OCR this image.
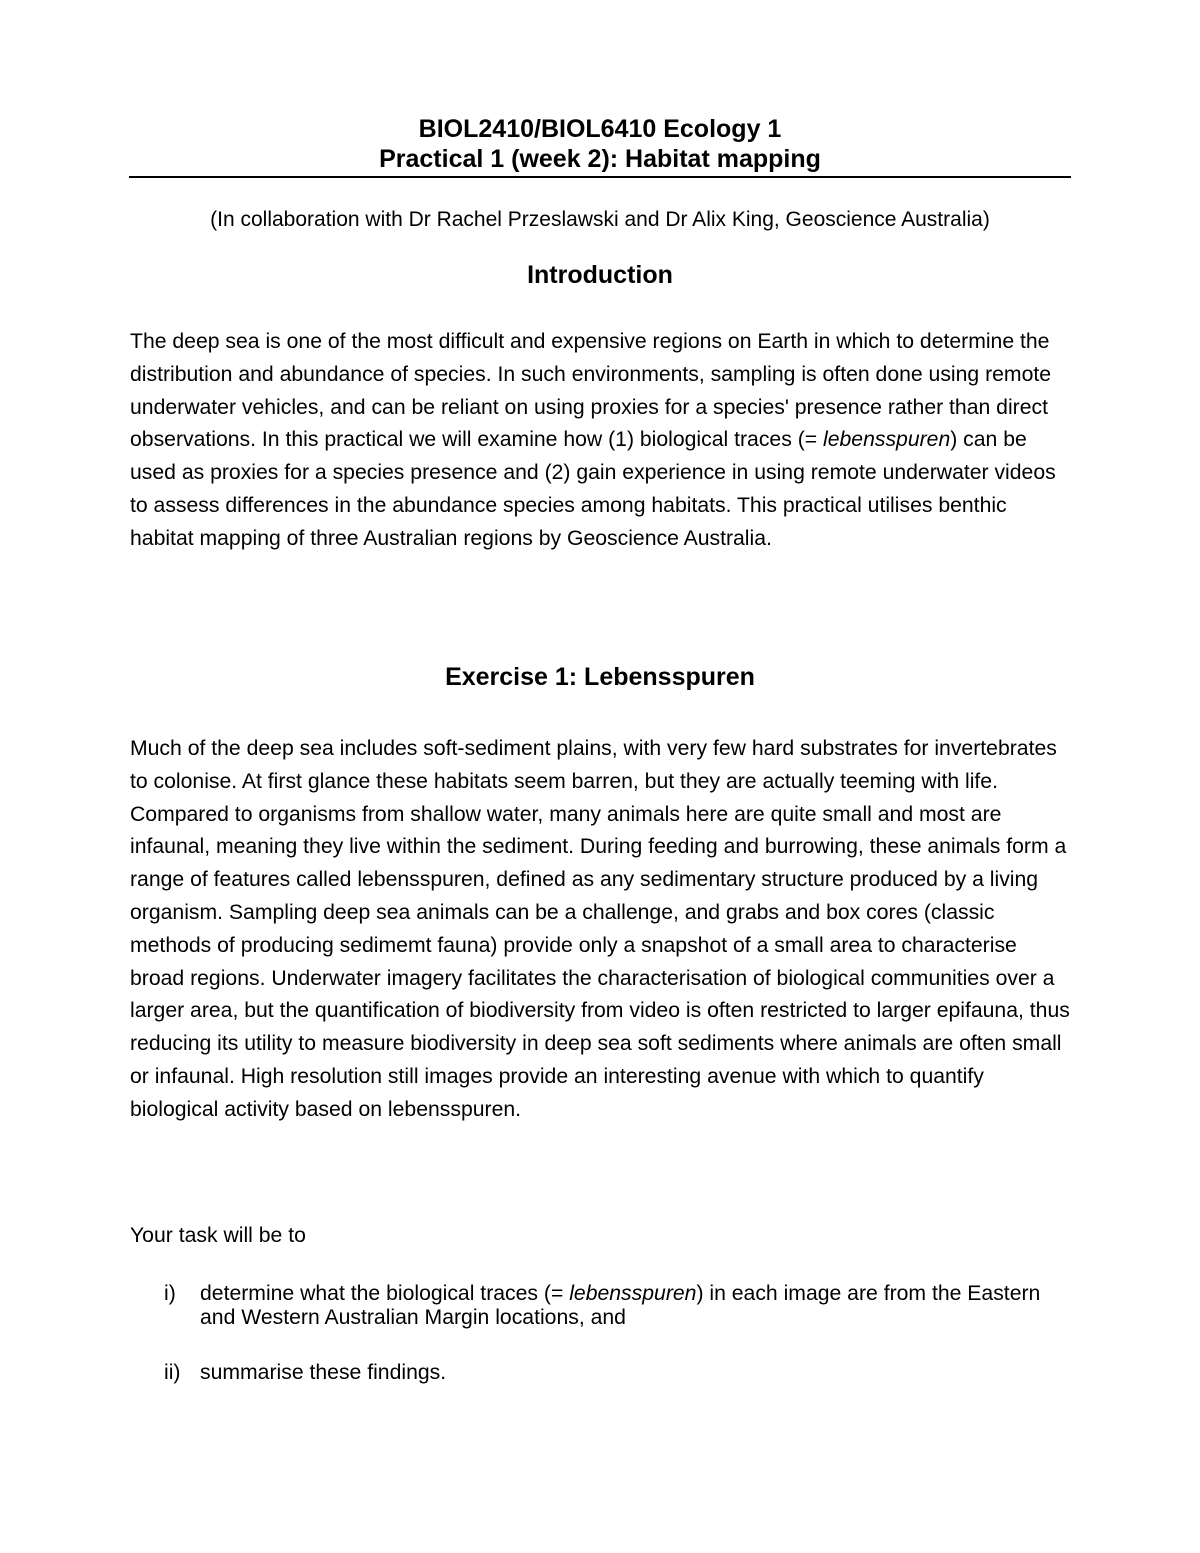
BIOL2410/BIOL6410 Ecology 1
Practical 1 (week 2): Habitat mapping
(In collaboration with Dr Rachel Przeslawski and Dr Alix King, Geoscience Australia)
Introduction

The deep sea is one of the most difficult and expensive regions on Earth in which to determine the distribution and abundance of species. In such environments, sampling is often done using remote underwater vehicles, and can be reliant on using proxies for a species' presence rather than direct observations. In this practical we will examine how (1) biological traces (= lebensspuren) can be used as proxies for a species presence and (2) gain experience in using remote underwater videos to assess differences in the abundance species among habitats. This practical utilises benthic habitat mapping of three Australian regions by Geoscience Australia.

Exercise 1: Lebensspuren

Much of the deep sea includes soft-sediment plains, with very few hard substrates for invertebrates to colonise. At first glance these habitats seem barren, but they are actually teeming with life. Compared to organisms from shallow water, many animals here are quite small and most are infaunal, meaning they live within the sediment. During feeding and burrowing, these animals form a range of features called lebensspuren, defined as any sedimentary structure produced by a living organism. Sampling deep sea animals can be a challenge, and grabs and box cores (classic methods of producing sedimemt fauna) provide only a snapshot of a small area to characterise broad regions. Underwater imagery facilitates the characterisation of biological communities over a larger area, but the quantification of biodiversity from video is often restricted to larger epifauna, thus reducing its utility to measure biodiversity in deep sea soft sediments where animals are often small or infaunal. High resolution still images provide an interesting avenue with which to quantify biological activity based on lebensspuren.

Your task will be to
i) determine what the biological traces (= lebensspuren) in each image are from the Eastern and Western Australian Margin locations, and
ii) summarise these findings.
